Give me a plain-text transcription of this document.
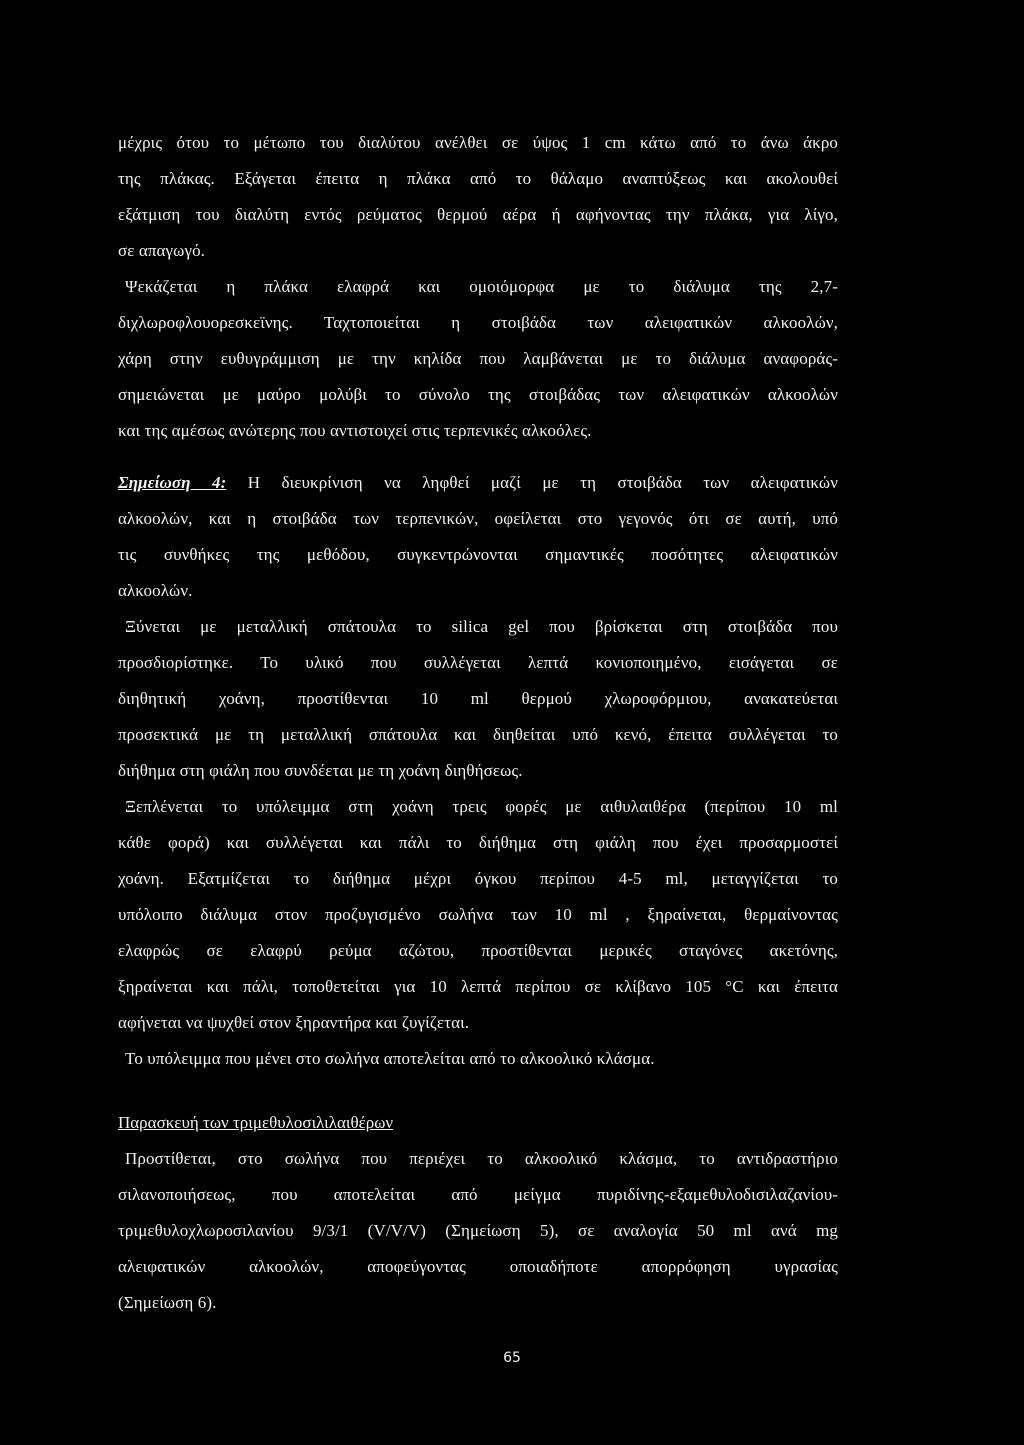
μέχρις ότου το μέτωπο του διαλύτου ανέλθει σε ύψος 1 cm κάτω από το άνω άκρο
της πλάκας. Εξάγεται έπειτα η πλάκα από το θάλαμο αναπτύξεως και ακολουθεί
εξάτμιση του διαλύτη εντός ρεύματος θερμού αέρα ή αφήνοντας την πλάκα, για λίγο,
σε απαγωγό.

Ψεκάζεται η πλάκα ελαφρά και ομοιόμορφα με το διάλυμα της 2,7-
διχλωροφλουορεσκεϊνης. Ταχτοποιείται η στοιβάδα των αλειφατικών αλκοολών,
χάρη στην ευθυγράμμιση με την κηλίδα που λαμβάνεται με το διάλυμα αναφοράς-
σημειώνεται με μαύρο μολύβι το σύνολο της στοιβάδας των αλειφατικών αλκοολών
και της αμέσως ανώτερης που αντιστοιχεί στις τερπενικές αλκοόλες.

Σημείωση 4: Η διευκρίνιση να ληφθεί μαζί με τη στοιβάδα των αλειφατικών
αλκοολών, και η στοιβάδα των τερπενικών, οφείλεται στο γεγονός ότι σε αυτή, υπό
τις συνθήκες της μεθόδου, συγκεντρώνονται σημαντικές ποσότητες αλειφατικών
αλκοολών.

Ξύνεται με μεταλλική σπάτουλα το silica gel που βρίσκεται στη στοιβάδα που
προσδιορίστηκε. Το υλικό που συλλέγεται λεπτά κονιοποιημένο, εισάγεται σε
διηθητική χοάνη, προστίθενται 10 ml θερμού χλωροφόρμιου, ανακατεύεται
προσεκτικά με τη μεταλλική σπάτουλα και διηθείται υπό κενό, έπειτα συλλέγεται το
διήθημα στη φιάλη που συνδέεται με τη χοάνη διηθήσεως.

Ξεπλένεται το υπόλειμμα στη χοάνη τρεις φορές με αιθυλαιθέρα (περίπου 10 ml
κάθε φορά) και συλλέγεται και πάλι το διήθημα στη φιάλη που έχει προσαρμοστεί
χοάνη. Εξατμίζεται το διήθημα μέχρι όγκου περίπου 4-5 ml, μεταγγίζεται το
υπόλοιπο διάλυμα στον προζυγισμένο σωλήνα των 10 ml , ξηραίνεται, θερμαίνοντας
ελαφρώς σε ελαφρύ ρεύμα αζώτου, προστίθενται μερικές σταγόνες ακετόνης,
ξηραίνεται και πάλι, τοποθετείται για 10 λεπτά περίπου σε κλίβανο 105 °C και έπειτα
αφήνεται να ψυχθεί στον ξηραντήρα και ζυγίζεται.

Το υπόλειμμα που μένει στο σωλήνα αποτελείται από το αλκοολικό κλάσμα.

Παρασκευή των τριμεθυλοσιλιλαιθέρων

Προστίθεται, στο σωλήνα που περιέχει το αλκοολικό κλάσμα, το αντιδραστήριο
σιλανοποιήσεως, που αποτελείται από μείγμα πυριδίνης-εξαμεθυλοδισιλαζανίου-
τριμεθυλοχλωροσιλανίου 9/3/1 (V/V/V) (Σημείωση 5), σε αναλογία 50 ml ανά mg
αλειφατικών αλκοολών, αποφεύγοντας οποιαδήποτε απορρόφηση υγρασίας
(Σημείωση 6).

65
